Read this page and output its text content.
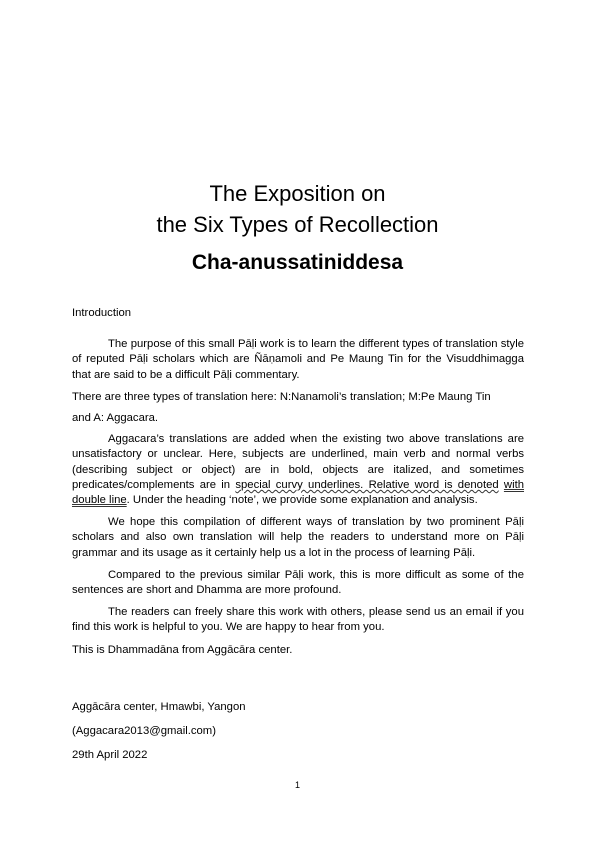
The Exposition on
the Six Types of Recollection
Cha-anussatiniddesa

Introduction

The purpose of this small Pāḷi work is to learn the different types of translation style of reputed Pāḷi scholars which are Ñāṇamoli and Pe Maung Tin for the Visuddhimagga that are said to be a difficult Pāḷi commentary.

There are three types of translation here: N:Nanamoli’s translation; M:Pe Maung Tin

and A: Aggacara.

Aggacara’s translations are added when the existing two above translations are unsatisfactory or unclear. Here, subjects are underlined, main verb and normal verbs (describing subject or object) are in bold, objects are italized, and sometimes predicates/complements are in special curvy underlines. Relative word is denoted with double line. Under the heading ‘note’, we provide some explanation and analysis.

We hope this compilation of different ways of translation by two prominent Pāḷi scholars and also own translation will help the readers to understand more on Pāḷi grammar and its usage as it certainly help us a lot in the process of learning Pāḷi.

Compared to the previous similar Pāḷi work, this is more difficult as some of the sentences are short and Dhamma are more profound.

The readers can freely share this work with others, please send us an email if you find this work is helpful to you. We are happy to hear from you.

This is Dhammadāna from Aggācāra center.

Aggācāra center, Hmawbi, Yangon
(Aggacara2013@gmail.com)
29th April 2022
1
